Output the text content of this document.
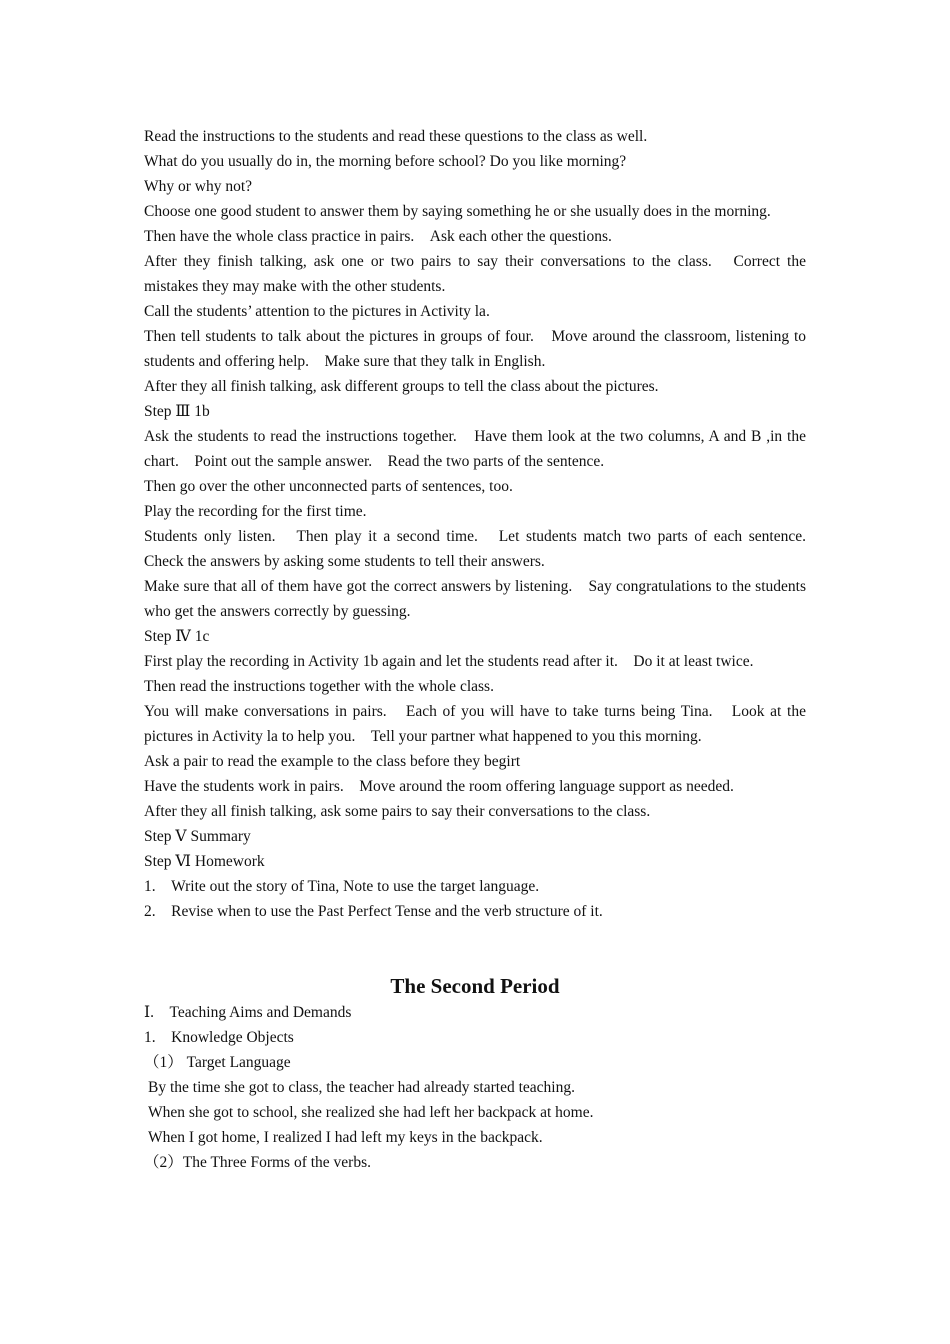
Read the instructions to the students and read these questions to the class as well.

What do you usually do in, the morning before school? Do you like morning?

Why or why not?

Choose one good student to answer them by saying something he or she usually does in the morning.

Then have the whole class practice in pairs.　Ask each other the questions.

After they finish talking, ask one or two pairs to say their conversations to the class.　Correct the mistakes they may make with the other students.

Call the students’ attention to the pictures in Activity la.

Then tell students to talk about the pictures in groups of four.　Move around the classroom, listening to students and offering help.　Make sure that they talk in English.

After they all finish talking, ask different groups to tell the class about the pictures.

Step Ⅲ 1b

Ask the students to read the instructions together.　Have them look at the two columns, A and B ,in the chart.　Point out the sample answer.　Read the two parts of the sentence.

Then go over the other unconnected parts of sentences, too.

Play the recording for the first time.

Students only listen.　Then play it a second time.　Let students match two parts of each sentence.　Check the answers by asking some students to tell their answers.

Make sure that all of them have got the correct answers by listening.　Say congratulations to the students who get the answers correctly by guessing.

Step Ⅳ 1c

First play the recording in Activity 1b again and let the students read after it.　Do it at least twice.

Then read the instructions together with the whole class.

You will make conversations in pairs.　Each of you will have to take turns being Tina.　Look at the pictures in Activity la to help you.　Tell your partner what happened to you this morning.

Ask a pair to read the example to the class before they begirt

Have the students work in pairs.　Move around the room offering language support as needed.

After they all finish talking, ask some pairs to say their conversations to the class.

Step Ⅴ Summary

Step Ⅵ Homework

1.　Write out the story of Tina, Note to use the target language.

2.　Revise when to use the Past Perfect Tense and the verb structure of it.

The Second Period

Ⅰ.　Teaching Aims and Demands

1.　Knowledge Objects

（1） Target Language

By the time she got to class, the teacher had already started teaching.

When she got to school, she realized she had left her backpack at home.

When I got home, I realized I had left my keys in the backpack.

（2）The Three Forms of the verbs.
